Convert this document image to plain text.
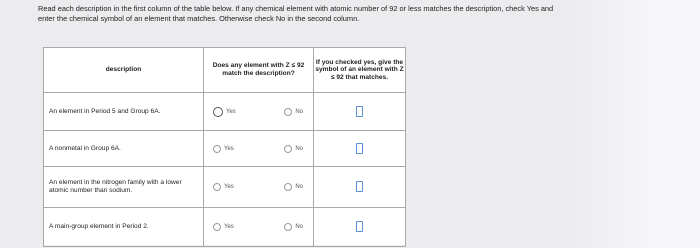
Read each description in the first column of the table below. If any chemical element with atomic number of 92 or less matches the description, check Yes and
enter the chemical symbol of an element that matches. Otherwise check No in the second column.
description	Does any element with Z ≤ 92 match the description?	If you checked yes, give the symbol of an element with Z ≤ 92 that matches.
An element in Period 5 and Group 6A.	Yes No	

A nonmetal in Group 6A.	Yes No	

An element in the nitrogen family with a lower atomic number than sodium.	Yes No	

A main-group element in Period 2.	Yes No	
